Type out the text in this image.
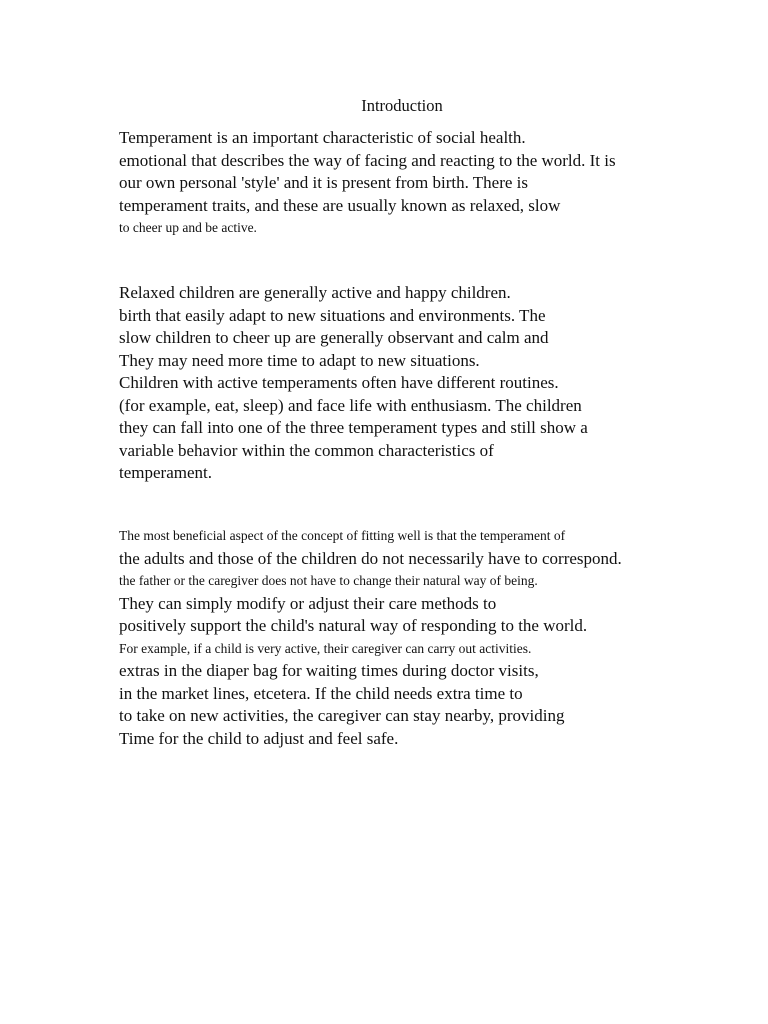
Introduction
Temperament is an important characteristic of social health.
emotional that describes the way of facing and reacting to the world. It is
our own personal 'style' and it is present from birth. There is
temperament traits, and these are usually known as relaxed, slow
to cheer up and be active.
Relaxed children are generally active and happy children.
birth that easily adapt to new situations and environments. The
slow children to cheer up are generally observant and calm and
They may need more time to adapt to new situations.
Children with active temperaments often have different routines.
(for example, eat, sleep) and face life with enthusiasm. The children
they can fall into one of the three temperament types and still show a
variable behavior within the common characteristics of
temperament.
The most beneficial aspect of the concept of fitting well is that the temperament of
the adults and those of the children do not necessarily have to correspond.
the father or the caregiver does not have to change their natural way of being.
They can simply modify or adjust their care methods to
positively support the child's natural way of responding to the world.
For example, if a child is very active, their caregiver can carry out activities.
extras in the diaper bag for waiting times during doctor visits,
in the market lines, etcetera. If the child needs extra time to
to take on new activities, the caregiver can stay nearby, providing
Time for the child to adjust and feel safe.
